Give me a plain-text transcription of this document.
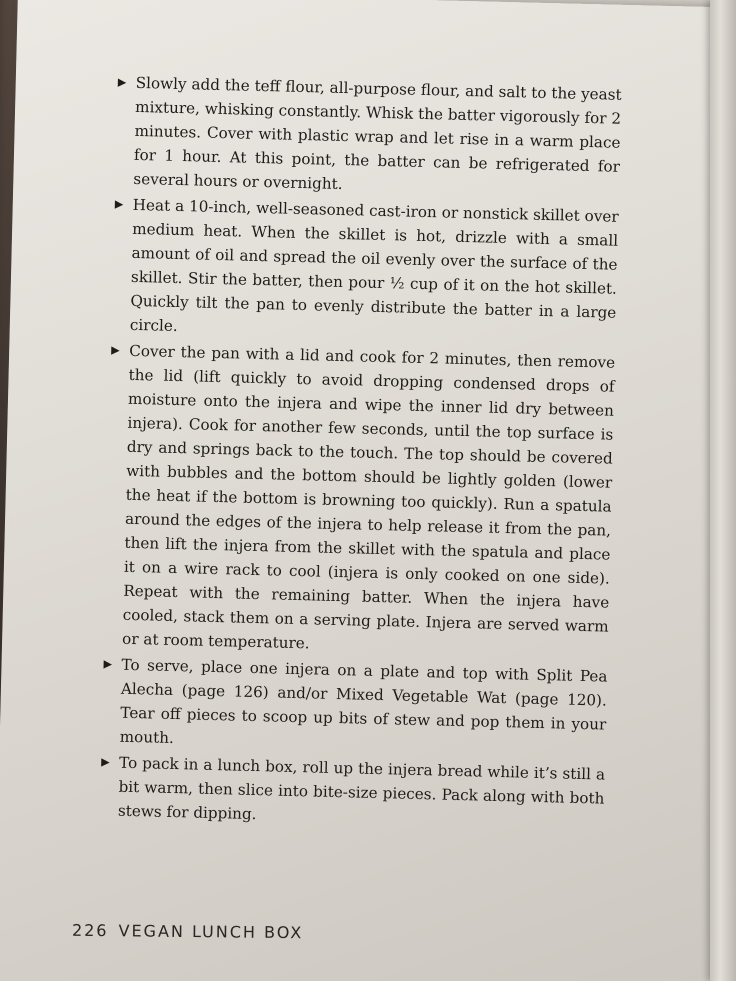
▶ Slowly add the teff flour, all-purpose flour, and salt to the yeast mixture, whisking constantly. Whisk the batter vigorously for 2 minutes. Cover with plastic wrap and let rise in a warm place for 1 hour. At this point, the batter can be refrigerated for several hours or overnight.
▶ Heat a 10-inch, well-seasoned cast-iron or nonstick skillet over medium heat. When the skillet is hot, drizzle with a small amount of oil and spread the oil evenly over the surface of the skillet. Stir the batter, then pour ½ cup of it on the hot skillet. Quickly tilt the pan to evenly distribute the batter in a large circle.
▶ Cover the pan with a lid and cook for 2 minutes, then remove the lid (lift quickly to avoid dropping condensed drops of moisture onto the injera and wipe the inner lid dry between injera). Cook for another few seconds, until the top surface is dry and springs back to the touch. The top should be covered with bubbles and the bottom should be lightly golden (lower the heat if the bottom is browning too quickly). Run a spatula around the edges of the injera to help release it from the pan, then lift the injera from the skillet with the spatula and place it on a wire rack to cool (injera is only cooked on one side). Repeat with the remaining batter. When the injera have cooled, stack them on a serving plate. Injera are served warm or at room temperature.
▶ To serve, place one injera on a plate and top with Split Pea Alecha (page 126) and/or Mixed Vegetable Wat (page 120). Tear off pieces to scoop up bits of stew and pop them in your mouth.
▶ To pack in a lunch box, roll up the injera bread while it’s still a bit warm, then slice into bite-size pieces. Pack along with both stews for dipping.
226 VEGAN LUNCH BOX
